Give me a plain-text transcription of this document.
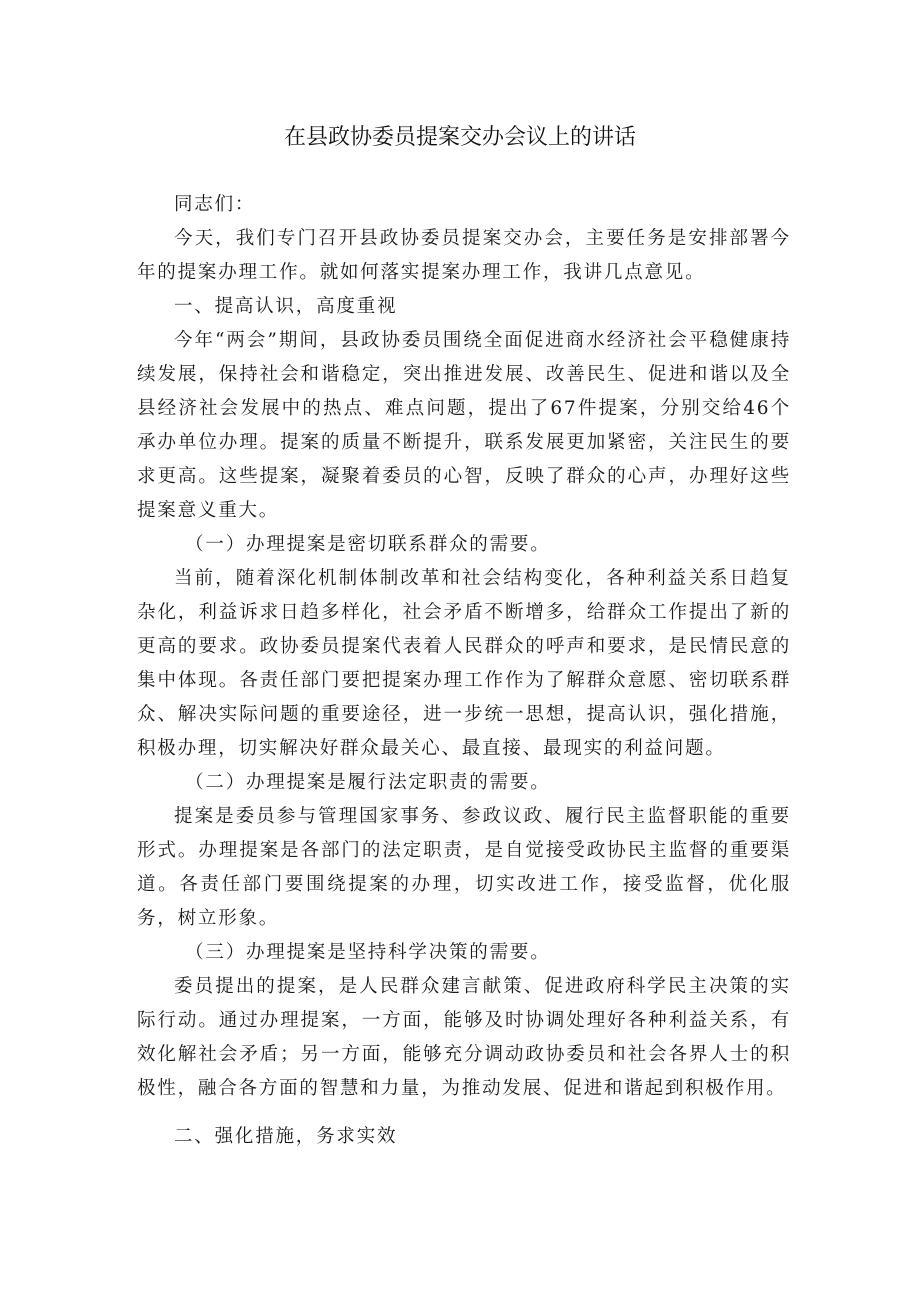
在县政协委员提案交办会议上的讲话

同志们：

今天，我们专门召开县政协委员提案交办会，主要任务是安排部署今年的提案办理工作。就如何落实提案办理工作，我讲几点意见。

一、提高认识，高度重视

今年“两会”期间，县政协委员围绕全面促进商水经济社会平稳健康持续发展，保持社会和谐稳定，突出推进发展、改善民生、促进和谐以及全县经济社会发展中的热点、难点问题，提出了67件提案，分别交给46个承办单位办理。提案的质量不断提升，联系发展更加紧密，关注民生的要求更高。这些提案，凝聚着委员的心智，反映了群众的心声，办理好这些提案意义重大。

（一）办理提案是密切联系群众的需要。

当前，随着深化机制体制改革和社会结构变化，各种利益关系日趋复杂化，利益诉求日趋多样化，社会矛盾不断增多，给群众工作提出了新的更高的要求。政协委员提案代表着人民群众的呼声和要求，是民情民意的集中体现。各责任部门要把提案办理工作作为了解群众意愿、密切联系群众、解决实际问题的重要途径，进一步统一思想，提高认识，强化措施，积极办理，切实解决好群众最关心、最直接、最现实的利益问题。

（二）办理提案是履行法定职责的需要。

提案是委员参与管理国家事务、参政议政、履行民主监督职能的重要形式。办理提案是各部门的法定职责，是自觉接受政协民主监督的重要渠道。各责任部门要围绕提案的办理，切实改进工作，接受监督，优化服务，树立形象。

（三）办理提案是坚持科学决策的需要。

委员提出的提案，是人民群众建言献策、促进政府科学民主决策的实际行动。通过办理提案，一方面，能够及时协调处理好各种利益关系，有效化解社会矛盾；另一方面，能够充分调动政协委员和社会各界人士的积极性，融合各方面的智慧和力量，为推动发展、促进和谐起到积极作用。

二、强化措施，务求实效
